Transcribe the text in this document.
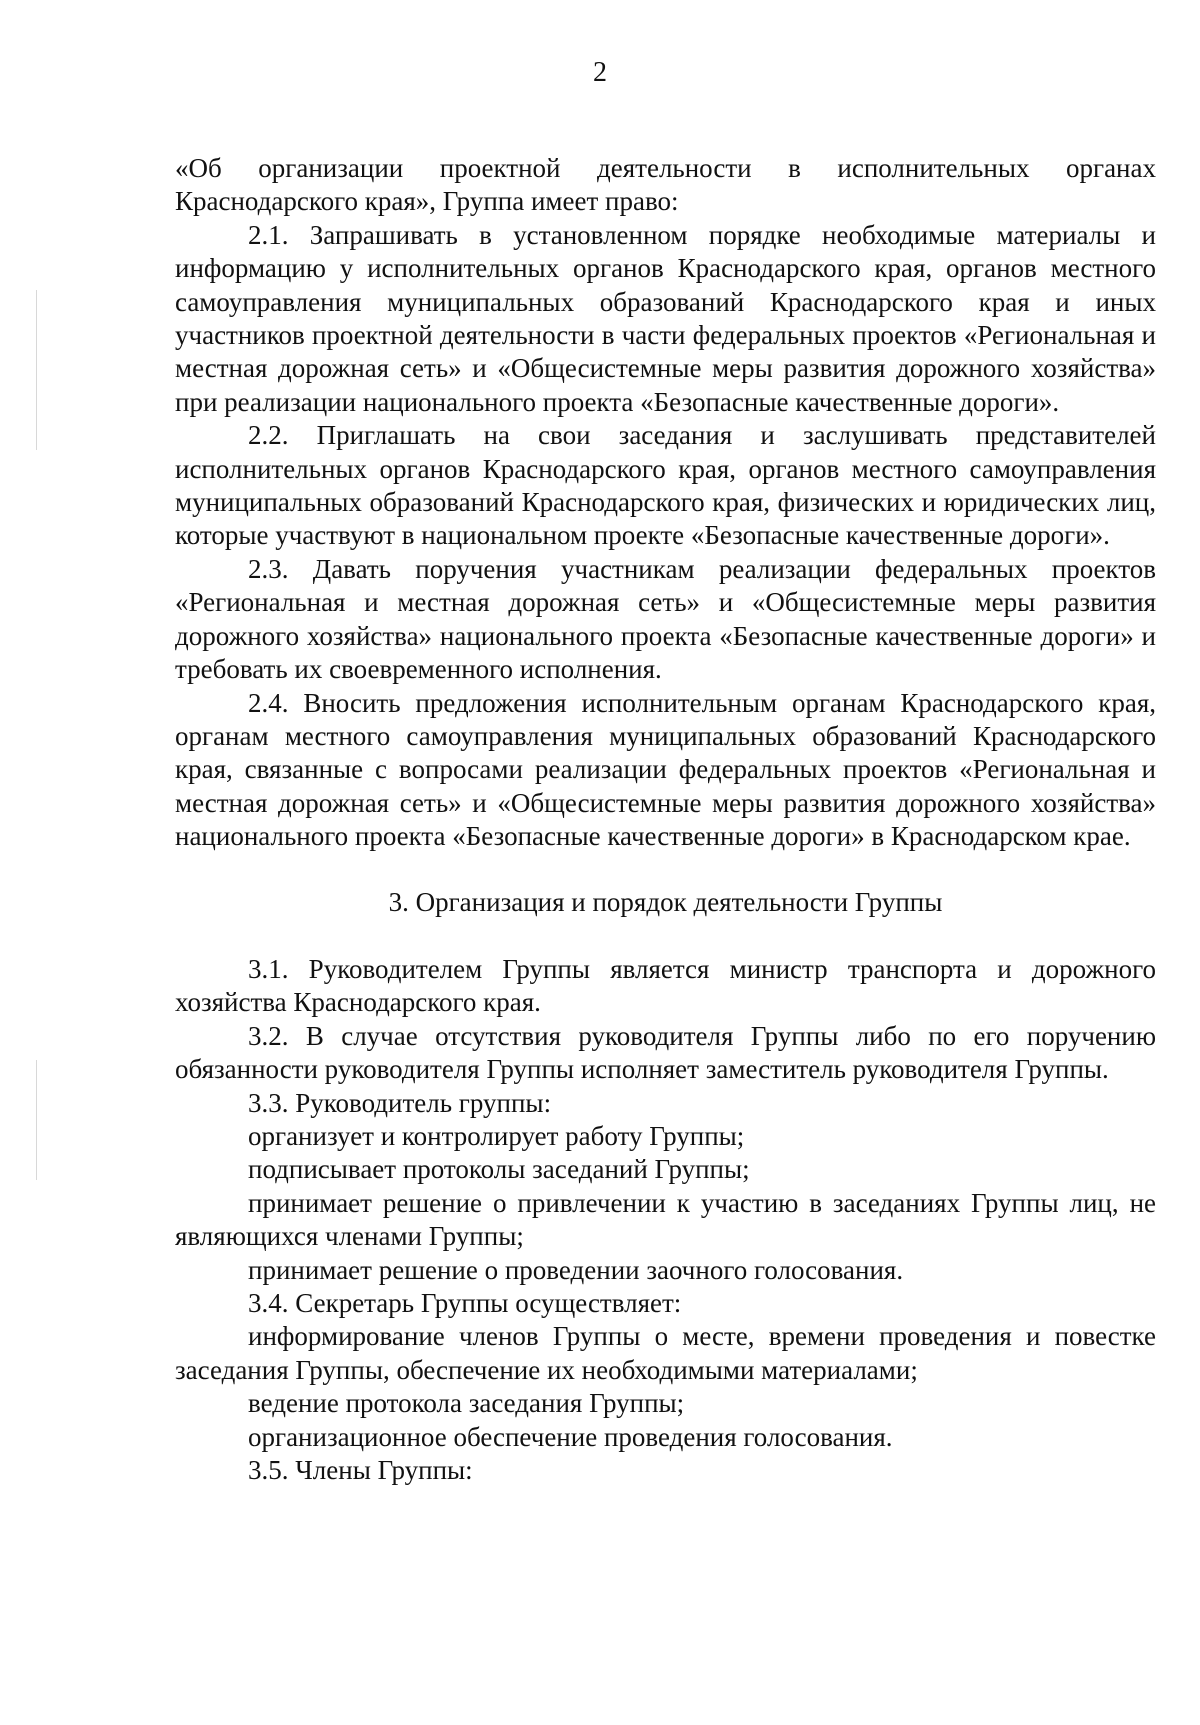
2

«Об организации проектной деятельности в исполнительных органах Краснодарского края», Группа имеет право:

2.1. Запрашивать в установленном порядке необходимые материалы и информацию у исполнительных органов Краснодарского края, органов местного самоуправления муниципальных образований Краснодарского края и иных участников проектной деятельности в части федеральных проектов «Региональная и местная дорожная сеть» и «Общесистемные меры развития дорожного хозяйства» при реализации национального проекта «Безопасные качественные дороги».

2.2. Приглашать на свои заседания и заслушивать представителей исполнительных органов Краснодарского края, органов местного самоуправления муниципальных образований Краснодарского края, физических и юридических лиц, которые участвуют в национальном проекте «Безопасные качественные дороги».

2.3. Давать поручения участникам реализации федеральных проектов «Региональная и местная дорожная сеть» и «Общесистемные меры развития дорожного хозяйства» национального проекта «Безопасные качественные дороги» и требовать их своевременного исполнения.

2.4. Вносить предложения исполнительным органам Краснодарского края, органам местного самоуправления муниципальных образований Краснодарского края, связанные с вопросами реализации федеральных проектов «Региональная и местная дорожная сеть» и «Общесистемные меры развития дорожного хозяйства» национального проекта «Безопасные качественные дороги» в Краснодарском крае.

3. Организация и порядок деятельности Группы

3.1. Руководителем Группы является министр транспорта и дорожного хозяйства Краснодарского края.

3.2. В случае отсутствия руководителя Группы либо по его поручению обязанности руководителя Группы исполняет заместитель руководителя Группы.

3.3. Руководитель группы:

организует и контролирует работу Группы;

подписывает протоколы заседаний Группы;

принимает решение о привлечении к участию в заседаниях Группы лиц, не являющихся членами Группы;

принимает решение о проведении заочного голосования.

3.4. Секретарь Группы осуществляет:

информирование членов Группы о месте, времени проведения и повестке заседания Группы, обеспечение их необходимыми материалами;

ведение протокола заседания Группы;

организационное обеспечение проведения голосования.

3.5. Члены Группы:
